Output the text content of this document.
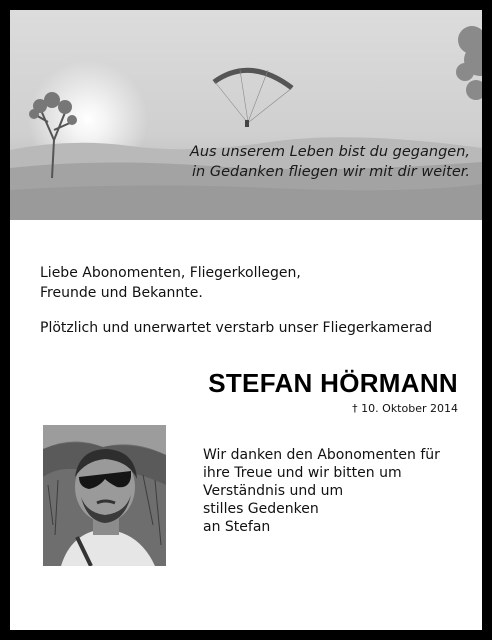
Aus unserem Leben bist du gegangen,
in Gedanken fliegen wir mit dir weiter.
Liebe Abonomenten, Fliegerkollegen,
Freunde und Bekannte.
Plötzlich und unerwartet verstarb unser Fliegerkamerad
STEFAN HÖRMANN
† 10. Oktober 2014
Wir danken den Abonomenten für
ihre Treue und wir bitten um
Verständnis und um
stilles Gedenken
an Stefan
